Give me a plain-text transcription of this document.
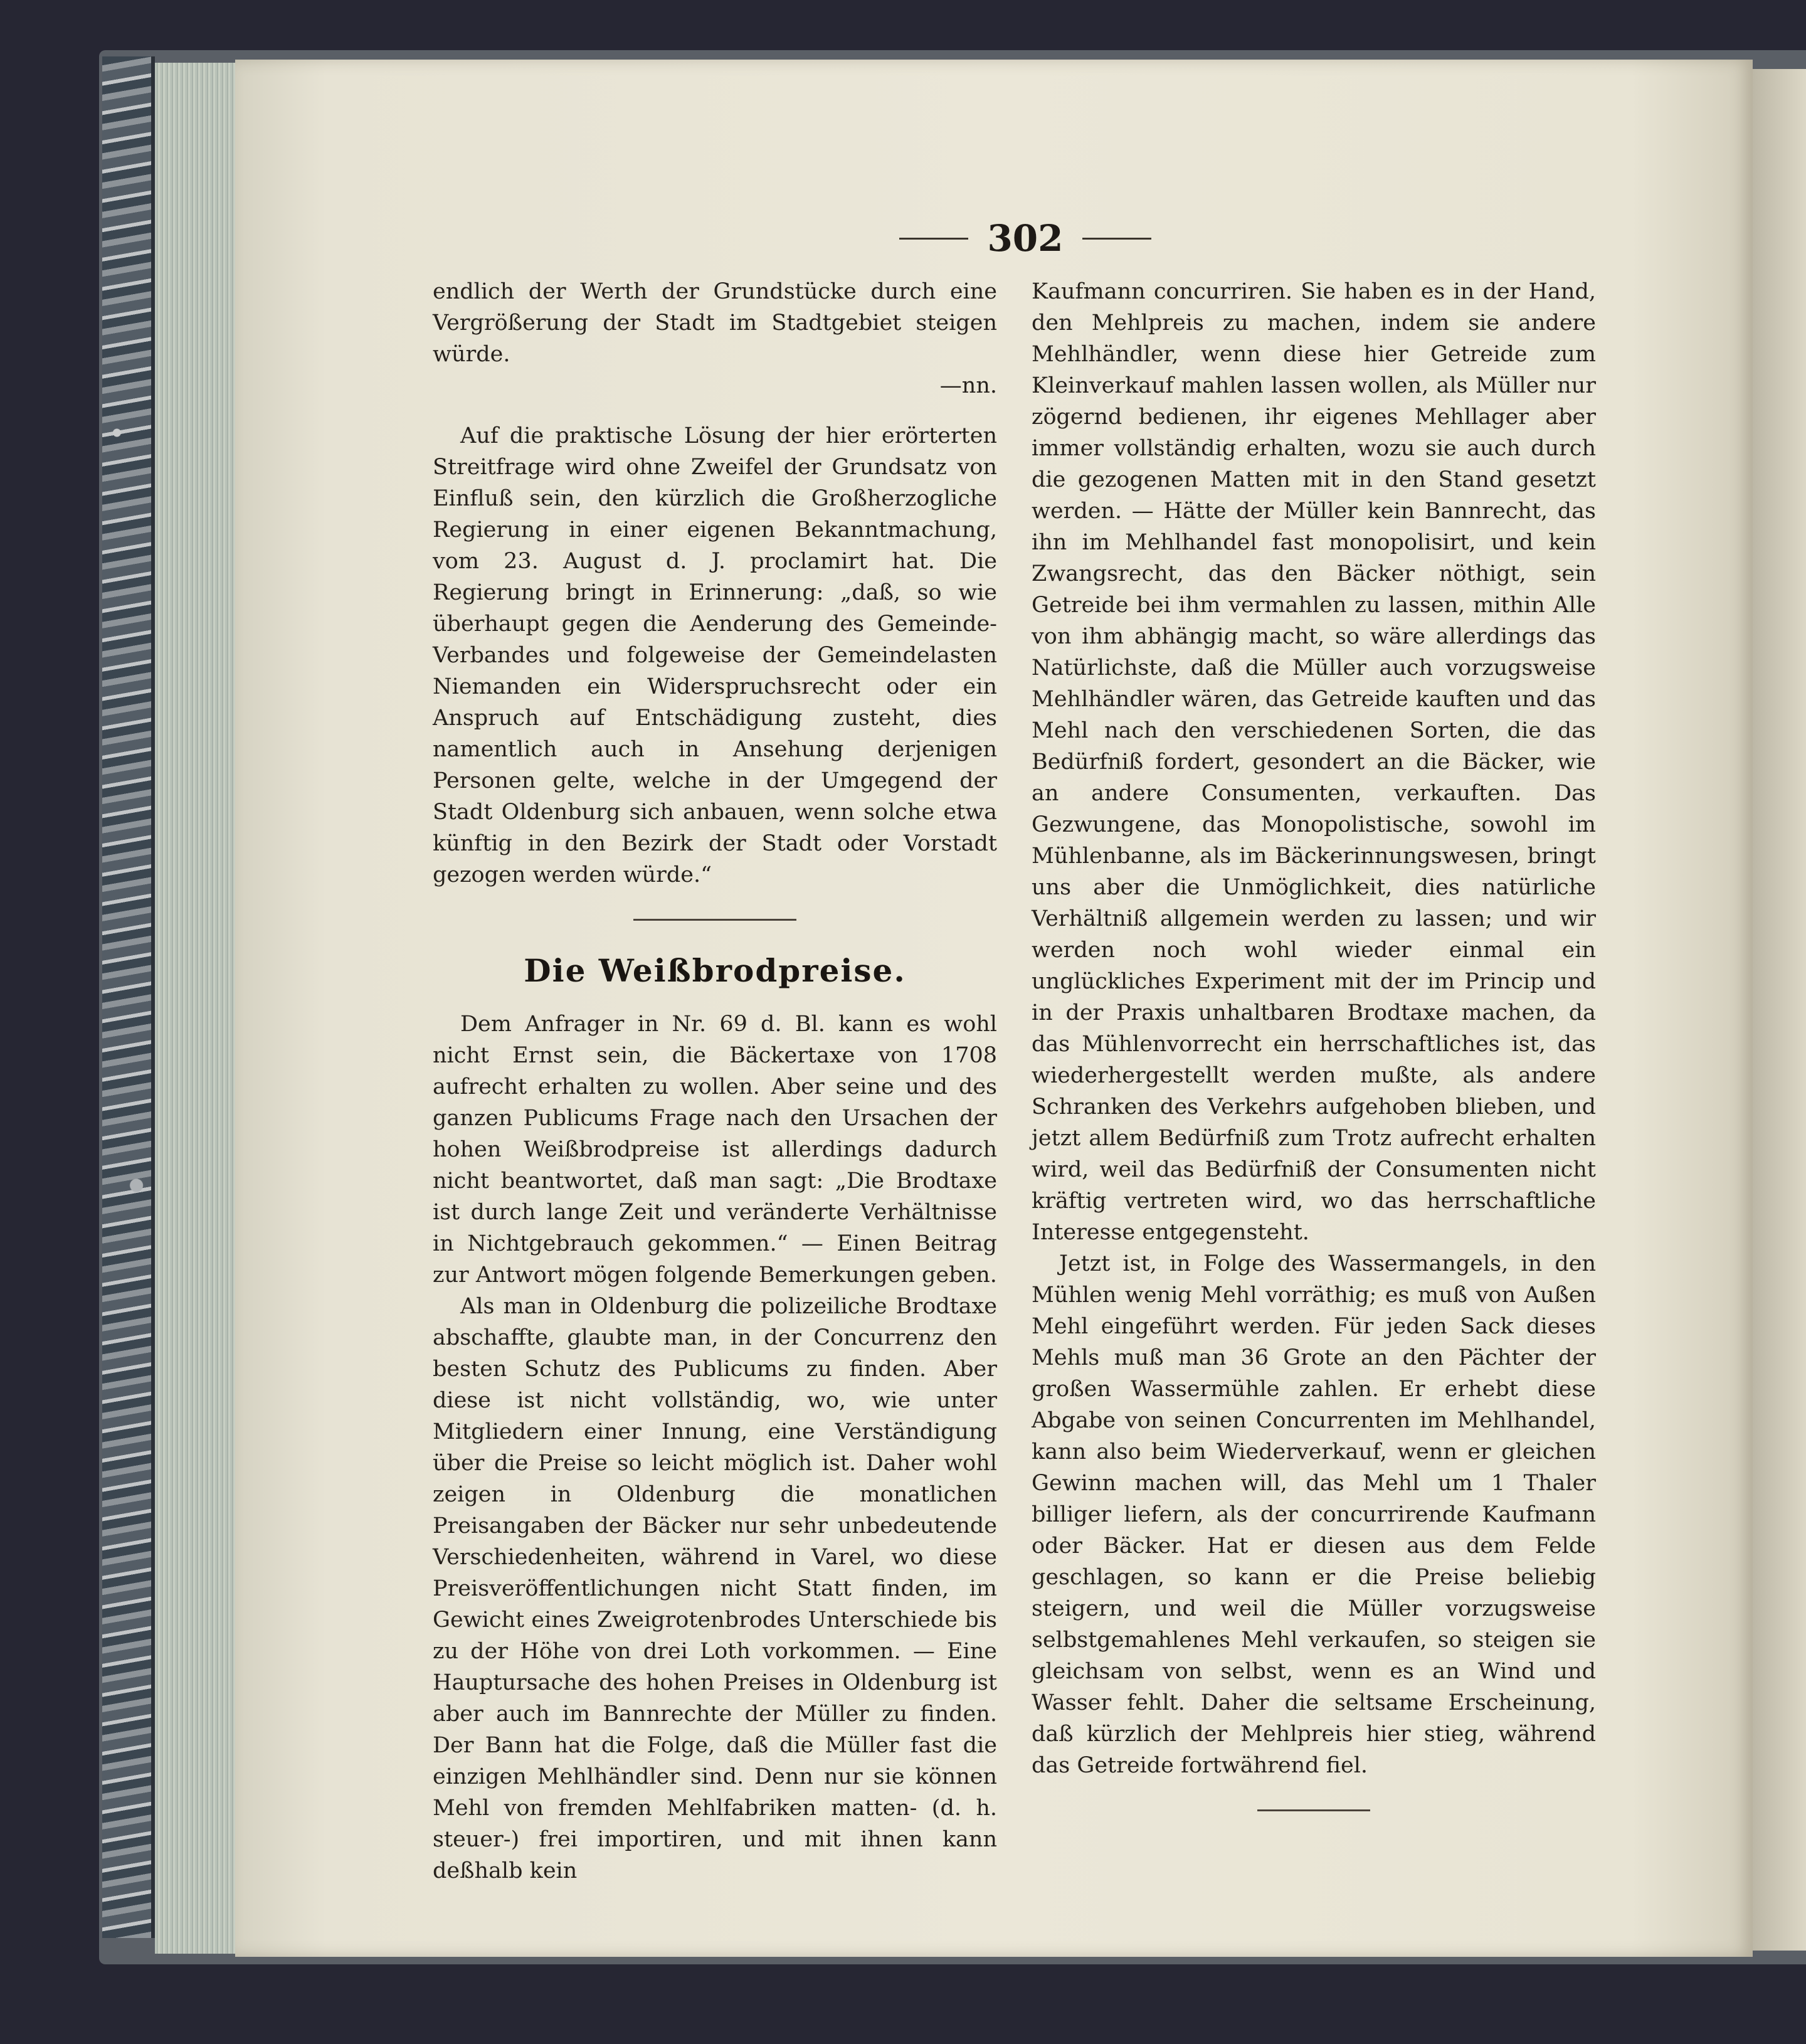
302

endlich der Werth der Grundstücke durch eine Vergrößerung der Stadt im Stadtgebiet steigen würde.

—nn.

Auf die praktische Lösung der hier erörterten Streitfrage wird ohne Zweifel der Grundsatz von Einfluß sein, den kürzlich die Großherzogliche Regierung in einer eigenen Bekanntmachung, vom 23. August d. J. proclamirt hat. Die Regierung bringt in Erinnerung: „daß, so wie überhaupt gegen die Aenderung des Gemeinde-Verbandes und folgeweise der Gemeindelasten Niemanden ein Widerspruchsrecht oder ein Anspruch auf Entschädigung zusteht, dies namentlich auch in Ansehung derjenigen Personen gelte, welche in der Umgegend der Stadt Oldenburg sich anbauen, wenn solche etwa künftig in den Bezirk der Stadt oder Vorstadt gezogen werden würde.“

Die Weißbrodpreise.

Dem Anfrager in Nr. 69 d. Bl. kann es wohl nicht Ernst sein, die Bäckertaxe von 1708 aufrecht erhalten zu wollen. Aber seine und des ganzen Publicums Frage nach den Ursachen der hohen Weißbrodpreise ist allerdings dadurch nicht beantwortet, daß man sagt: „Die Brodtaxe ist durch lange Zeit und veränderte Verhältnisse in Nichtgebrauch gekommen.“ — Einen Beitrag zur Antwort mögen folgende Bemerkungen geben.

Als man in Oldenburg die polizeiliche Brodtaxe abschaffte, glaubte man, in der Concurrenz den besten Schutz des Publicums zu finden. Aber diese ist nicht vollständig, wo, wie unter Mitgliedern einer Innung, eine Verständigung über die Preise so leicht möglich ist. Daher wohl zeigen in Oldenburg die monatlichen Preisangaben der Bäcker nur sehr unbedeutende Verschiedenheiten, während in Varel, wo diese Preisveröffentlichungen nicht Statt finden, im Gewicht eines Zweigrotenbrodes Unterschiede bis zu der Höhe von drei Loth vorkommen. — Eine Hauptursache des hohen Preises in Oldenburg ist aber auch im Bannrechte der Müller zu finden. Der Bann hat die Folge, daß die Müller fast die einzigen Mehlhändler sind. Denn nur sie können Mehl von fremden Mehlfabriken matten- (d. h. steuer-) frei importiren, und mit ihnen kann deßhalb kein

Kaufmann concurriren. Sie haben es in der Hand, den Mehlpreis zu machen, indem sie andere Mehlhändler, wenn diese hier Getreide zum Kleinverkauf mahlen lassen wollen, als Müller nur zögernd bedienen, ihr eigenes Mehllager aber immer vollständig erhalten, wozu sie auch durch die gezogenen Matten mit in den Stand gesetzt werden. — Hätte der Müller kein Bannrecht, das ihn im Mehlhandel fast monopolisirt, und kein Zwangsrecht, das den Bäcker nöthigt, sein Getreide bei ihm vermahlen zu lassen, mithin Alle von ihm abhängig macht, so wäre allerdings das Natürlichste, daß die Müller auch vorzugsweise Mehlhändler wären, das Getreide kauften und das Mehl nach den verschiedenen Sorten, die das Bedürfniß fordert, gesondert an die Bäcker, wie an andere Consumenten, verkauften. Das Gezwungene, das Monopolistische, sowohl im Mühlenbanne, als im Bäckerinnungswesen, bringt uns aber die Unmöglichkeit, dies natürliche Verhältniß allgemein werden zu lassen; und wir werden noch wohl wieder einmal ein unglückliches Experiment mit der im Princip und in der Praxis unhaltbaren Brodtaxe machen, da das Mühlenvorrecht ein herrschaftliches ist, das wiederhergestellt werden mußte, als andere Schranken des Verkehrs aufgehoben blieben, und jetzt allem Bedürfniß zum Trotz aufrecht erhalten wird, weil das Bedürfniß der Consumenten nicht kräftig vertreten wird, wo das herrschaftliche Interesse entgegensteht.

Jetzt ist, in Folge des Wassermangels, in den Mühlen wenig Mehl vorräthig; es muß von Außen Mehl eingeführt werden. Für jeden Sack dieses Mehls muß man 36 Grote an den Pächter der großen Wassermühle zahlen. Er erhebt diese Abgabe von seinen Concurrenten im Mehlhandel, kann also beim Wiederverkauf, wenn er gleichen Gewinn machen will, das Mehl um 1 Thaler billiger liefern, als der concurrirende Kaufmann oder Bäcker. Hat er diesen aus dem Felde geschlagen, so kann er die Preise beliebig steigern, und weil die Müller vorzugsweise selbstgemahlenes Mehl verkaufen, so steigen sie gleichsam von selbst, wenn es an Wind und Wasser fehlt. Daher die seltsame Erscheinung, daß kürzlich der Mehlpreis hier stieg, während das Getreide fortwährend fiel.
